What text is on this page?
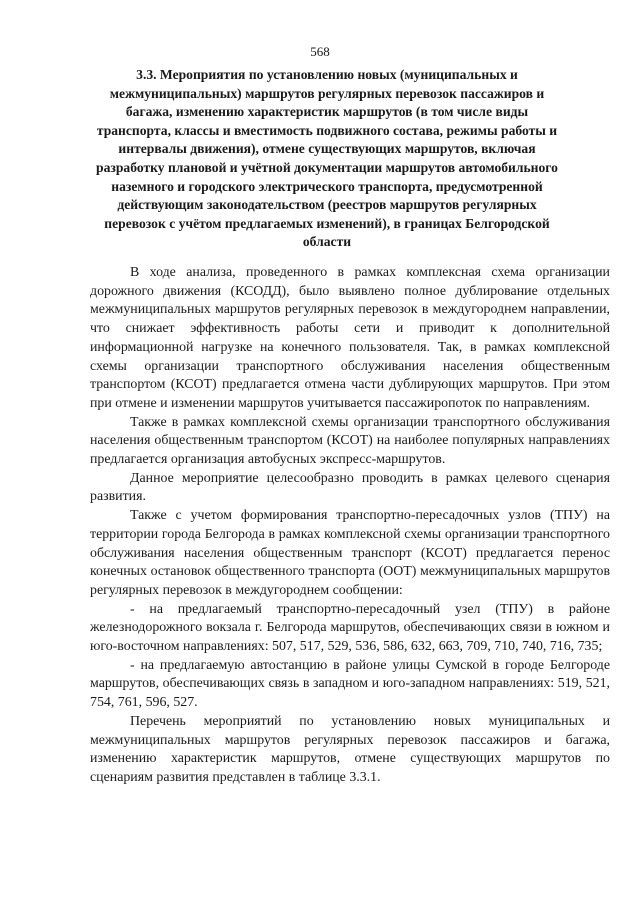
568
3.3. Мероприятия по установлению новых (муниципальных и межмуниципальных) маршрутов регулярных перевозок пассажиров и багажа, изменению характеристик маршрутов (в том числе виды транспорта, классы и вместимость подвижного состава, режимы работы и интервалы движения), отмене существующих маршрутов, включая разработку плановой и учётной документации маршрутов автомобильного наземного и городского электрического транспорта, предусмотренной действующим законодательством (реестров маршрутов регулярных перевозок с учётом предлагаемых изменений), в границах Белгородской области

В ходе анализа, проведенного в рамках комплексная схема организации дорожного движения (КСОДД), было выявлено полное дублирование отдельных межмуниципальных маршрутов регулярных перевозок в междугороднем направлении, что снижает эффективность работы сети и приводит к дополнительной информационной нагрузке на конечного пользователя. Так, в рамках комплексной схемы организации транспортного обслуживания населения общественным транспортом (КСОТ) предлагается отмена части дублирующих маршрутов. При этом при отмене и изменении маршрутов учитывается пассажиропоток по направлениям.

Также в рамках комплексной схемы организации транспортного обслуживания населения общественным транспортом (КСОТ) на наиболее популярных направлениях предлагается организация автобусных экспресс-маршрутов.

Данное мероприятие целесообразно проводить в рамках целевого сценария развития.

Также с учетом формирования транспортно-пересадочных узлов (ТПУ) на территории города Белгорода в рамках комплексной схемы организации транспортного обслуживания населения общественным транспорт (КСОТ) предлагается перенос конечных остановок общественного транспорта (ООТ) межмуниципальных маршрутов регулярных перевозок в междугороднем сообщении:

- на предлагаемый транспортно-пересадочный узел (ТПУ) в районе железнодорожного вокзала г. Белгорода маршрутов, обеспечивающих связи в южном и юго-восточном направлениях: 507, 517, 529, 536, 586, 632, 663, 709, 710, 740, 716, 735;

- на предлагаемую автостанцию в районе улицы Сумской в городе Белгороде маршрутов, обеспечивающих связь в западном и юго-западном направлениях: 519, 521, 754, 761, 596, 527.

Перечень мероприятий по установлению новых муниципальных и межмуниципальных маршрутов регулярных перевозок пассажиров и багажа, изменению характеристик маршрутов, отмене существующих маршрутов по сценариям развития представлен в таблице 3.3.1.
